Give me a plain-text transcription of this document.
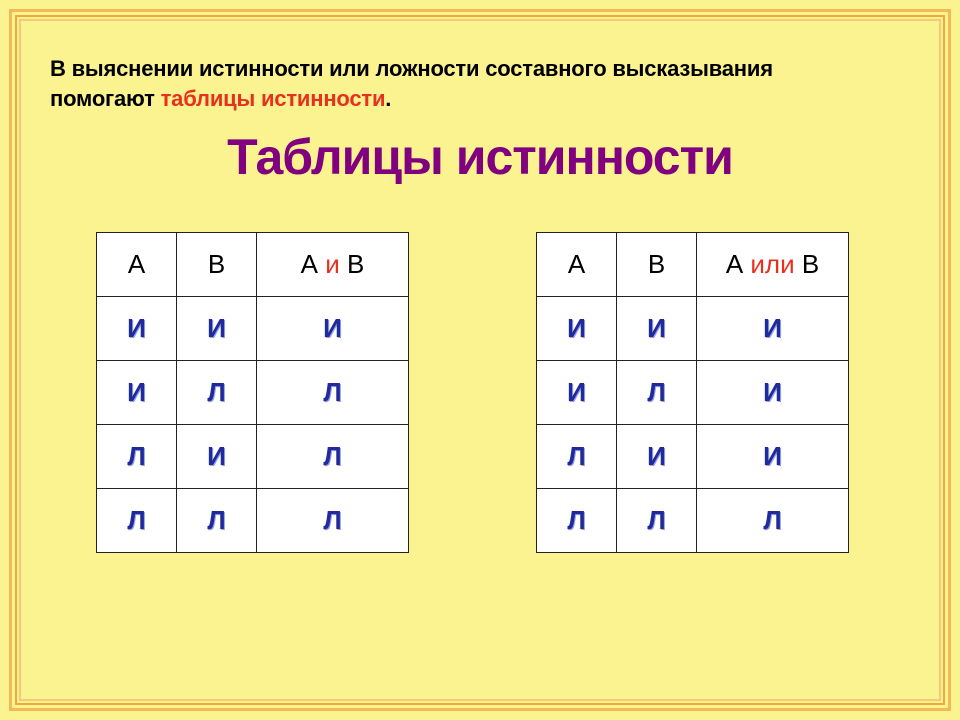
В выяснении истинности или ложности составного высказывания
помогают таблицы истинности.
Таблицы истинности
А	В	А и В
И	И	И
И	Л	Л
Л	И	Л
Л	Л	Л
А	В	А или В
И	И	И
И	Л	И
Л	И	И
Л	Л	Л
